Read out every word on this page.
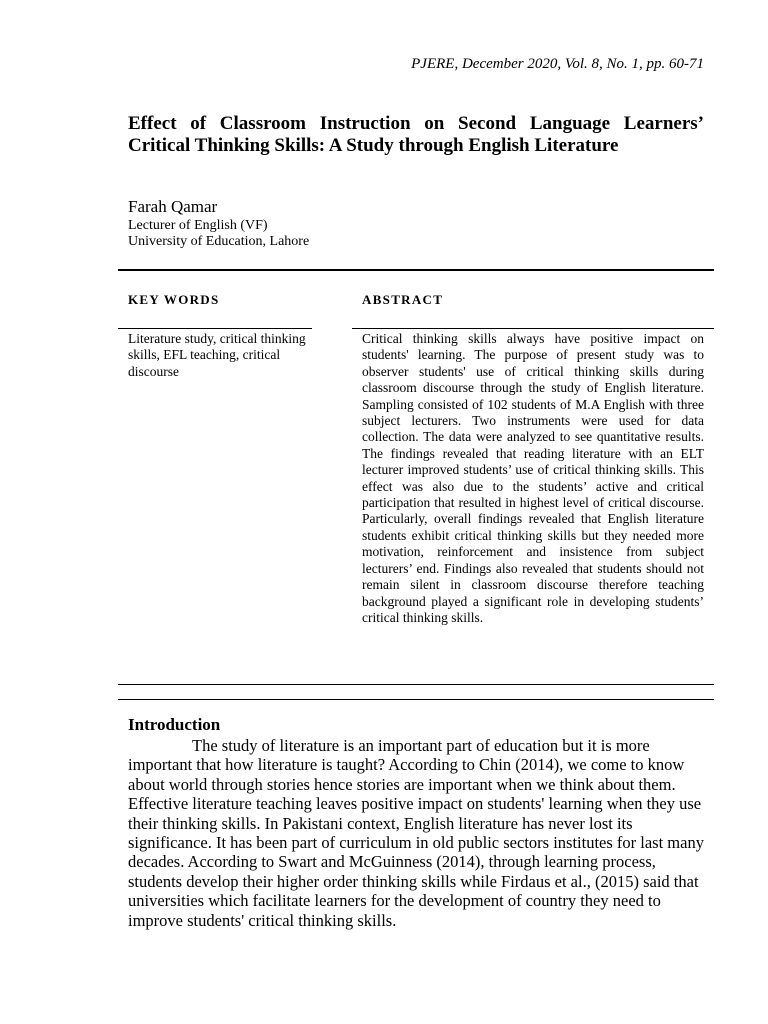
PJERE, December 2020, Vol. 8, No. 1, pp. 60-71
Effect of Classroom Instruction on Second Language Learners’ Critical Thinking Skills: A Study through English Literature
Farah Qamar
Lecturer of English (VF)
University of Education, Lahore
KEY WORDS	ABSTRACT
Literature study, critical thinking skills, EFL teaching, critical discourse

Critical thinking skills always have positive impact on students' learning. The purpose of present study was to observer students' use of critical thinking skills during classroom discourse through the study of English literature. Sampling consisted of 102 students of M.A English with three subject lecturers. Two instruments were used for data collection. The data were analyzed to see quantitative results. The findings revealed that reading literature with an ELT lecturer improved students’ use of critical thinking skills. This effect was also due to the students’ active and critical participation that resulted in highest level of critical discourse. Particularly, overall findings revealed that English literature students exhibit critical thinking skills but they needed more motivation, reinforcement and insistence from subject lecturers’ end. Findings also revealed that students should not remain silent in classroom discourse therefore teaching background played a significant role in developing students’ critical thinking skills.

Introduction

The study of literature is an important part of education but it is more important that how literature is taught? According to Chin (2014), we come to know about world through stories hence stories are important when we think about them. Effective literature teaching leaves positive impact on students' learning when they use their thinking skills. In Pakistani context, English literature has never lost its significance. It has been part of curriculum in old public sectors institutes for last many decades. According to Swart and McGuinness (2014), through learning process, students develop their higher order thinking skills while Firdaus et al., (2015) said that universities which facilitate learners for the development of country they need to improve students' critical thinking skills.
